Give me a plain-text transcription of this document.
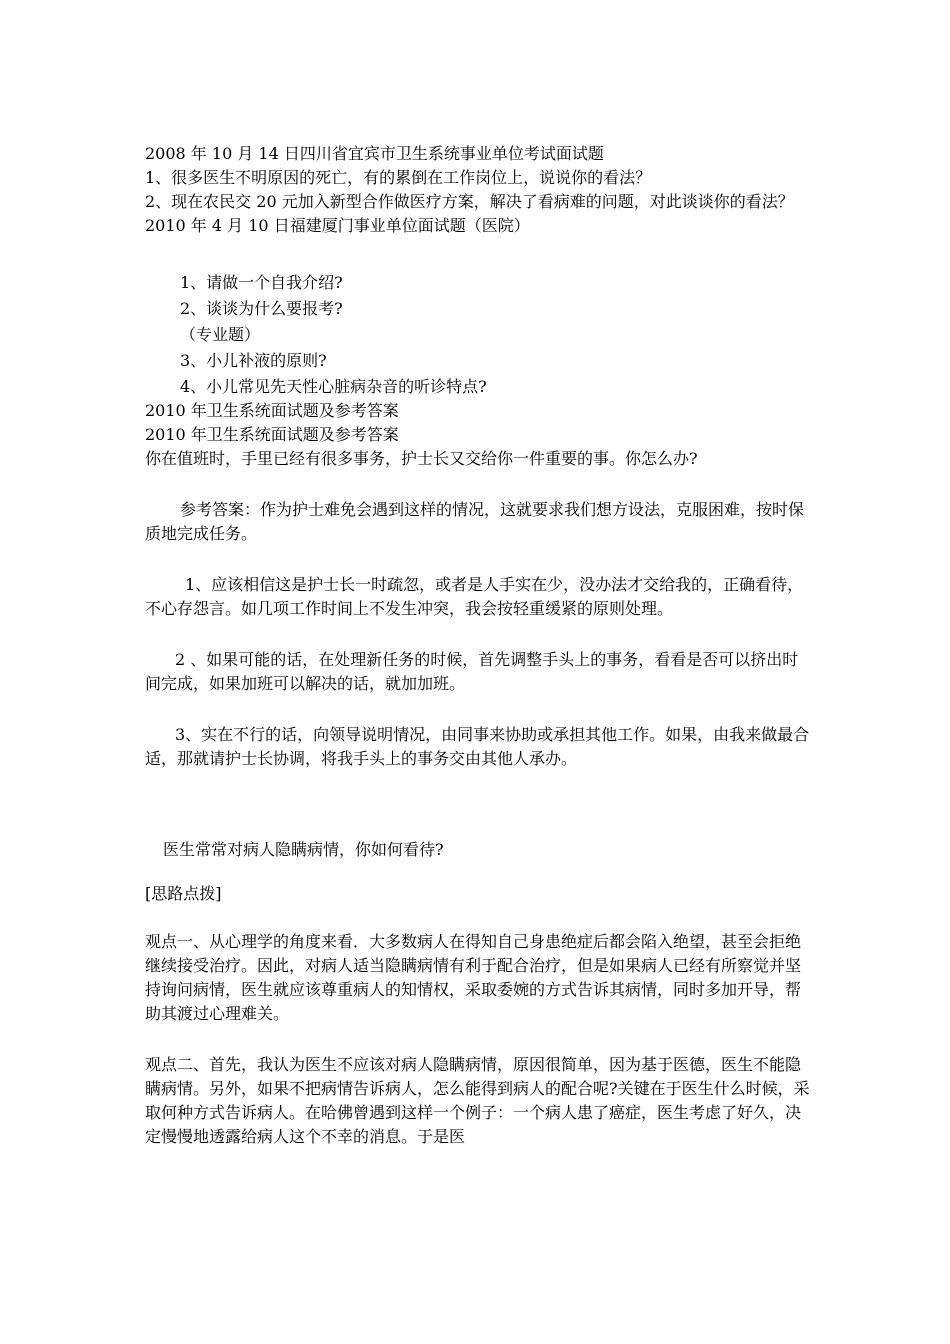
2008 年 10 月 14 日四川省宜宾市卫生系统事业单位考试面试题

1、很多医生不明原因的死亡，有的累倒在工作岗位上，说说你的看法？

2、现在农民交 20 元加入新型合作做医疗方案，解决了看病难的问题，对此谈谈你的看法？

2010 年 4 月 10 日福建厦门事业单位面试题（医院）

1、请做一个自我介绍?

2、谈谈为什么要报考?

（专业题）

3、小儿补液的原则?

4、小儿常见先天性心脏病杂音的听诊特点?

2010 年卫生系统面试题及参考答案

2010 年卫生系统面试题及参考答案

你在值班时，手里已经有很多事务，护士长又交给你一件重要的事。你怎么办?

参考答案：作为护士难免会遇到这样的情况，这就要求我们想方设法，克服困难，按时保质地完成任务。

1、应该相信这是护士长一时疏忽，或者是人手实在少，没办法才交给我的，正确看待，不心存怨言。如几项工作时间上不发生冲突，我会按轻重缓紧的原则处理。

2 、如果可能的话，在处理新任务的时候，首先调整手头上的事务，看看是否可以挤出时间完成，如果加班可以解决的话，就加加班。

3、实在不行的话，向领导说明情况，由同事来协助或承担其他工作。如果，由我来做最合适，那就请护士长协调，将我手头上的事务交由其他人承办。

医生常常对病人隐瞒病情，你如何看待?

[思路点拨]

观点一、从心理学的角度来看．大多数病人在得知自己身患绝症后都会陷入绝望，甚至会拒绝继续接受治疗。因此，对病人适当隐瞒病情有利于配合治疗，但是如果病人已经有所察觉并坚持询问病情，医生就应该尊重病人的知情权，采取委婉的方式告诉其病情，同时多加开导，帮助其渡过心理难关。

观点二、首先，我认为医生不应该对病人隐瞒病情，原因很简单，因为基于医德，医生不能隐瞒病情。另外，如果不把病情告诉病人，怎么能得到病人的配合呢?关键在于医生什么时候，采取何种方式告诉病人。在哈佛曾遇到这样一个例子：一个病人患了癌症，医生考虑了好久，决定慢慢地透露给病人这个不幸的消息。于是医
